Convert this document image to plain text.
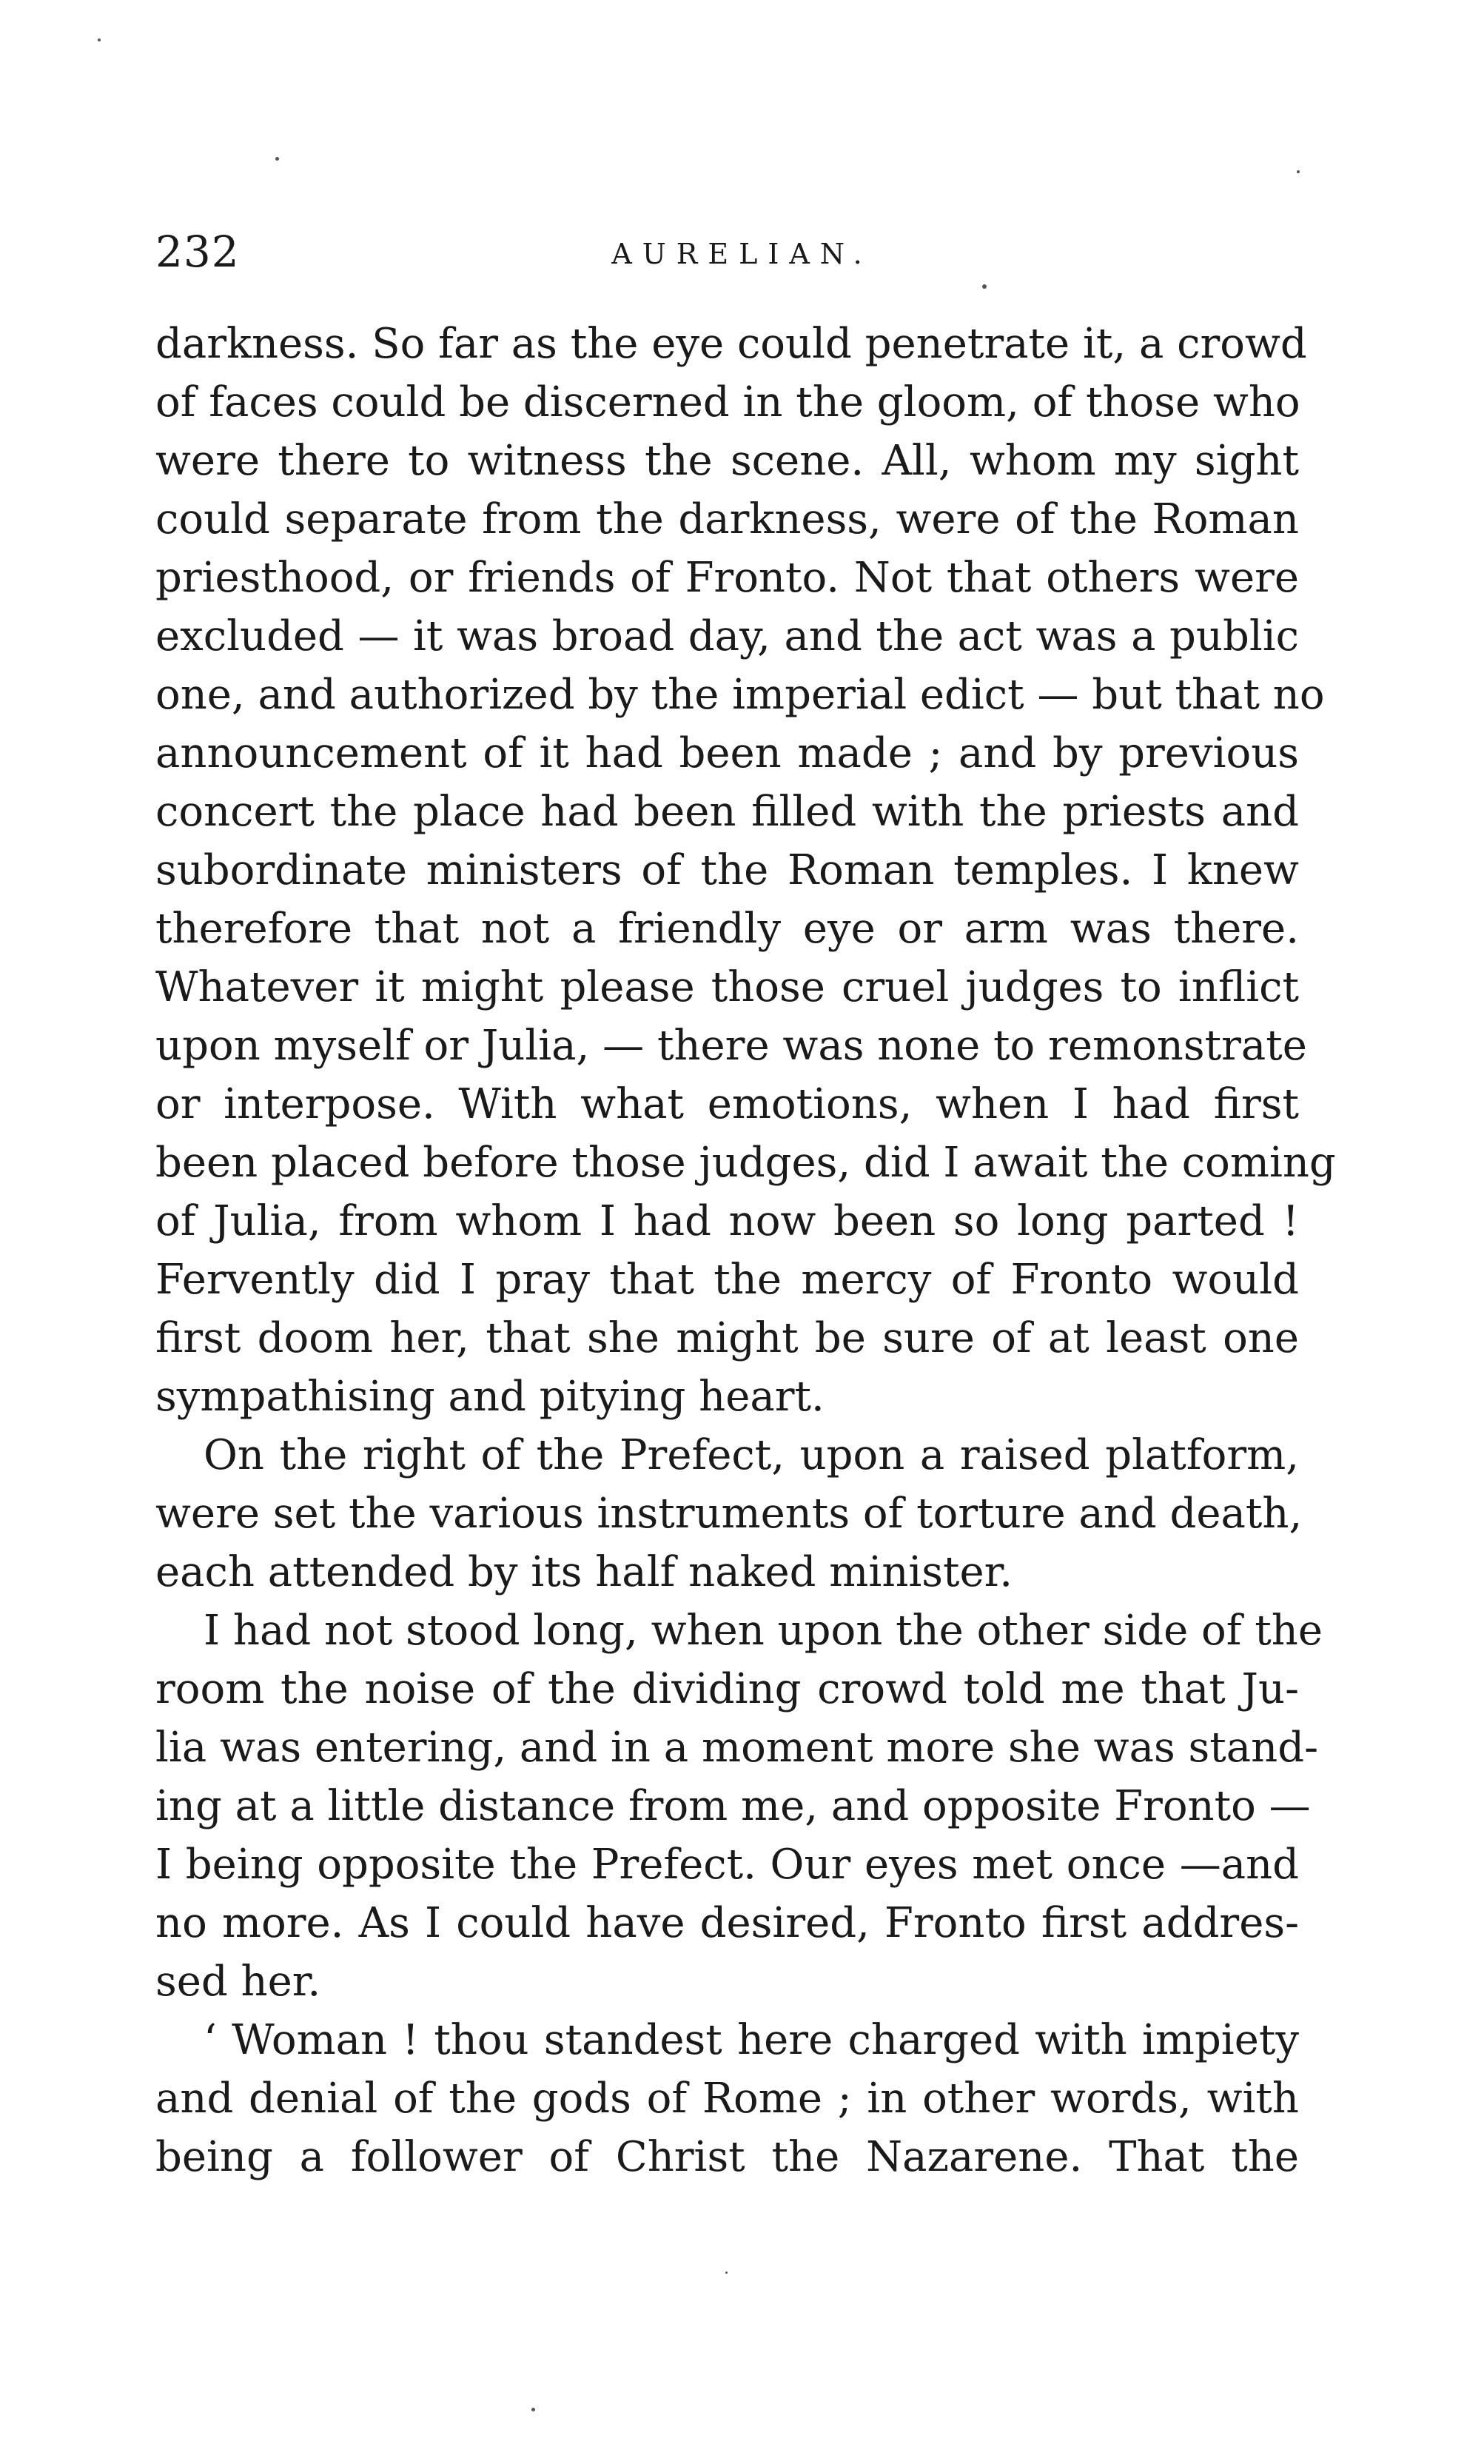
232	AURELIAN.
darkness. So far as the eye could penetrate it, a crowd
of faces could be discerned in the gloom, of those who
were there to witness the scene. All, whom my sight
could separate from the darkness, were of the Roman
priesthood, or friends of Fronto. Not that others were
excluded — it was broad day, and the act was a public
one, and authorized by the imperial edict — but that no
announcement of it had been made ; and by previous
concert the place had been filled with the priests and
subordinate ministers of the Roman temples. I knew
therefore that not a friendly eye or arm was there.
Whatever it might please those cruel judges to inflict
upon myself or Julia, — there was none to remonstrate
or interpose. With what emotions, when I had first
been placed before those judges, did I await the coming
of Julia, from whom I had now been so long parted !
Fervently did I pray that the mercy of Fronto would
first doom her, that she might be sure of at least one
sympathising and pitying heart.
On the right of the Prefect, upon a raised platform,
were set the various instruments of torture and death,
each attended by its half naked minister.
I had not stood long, when upon the other side of the
room the noise of the dividing crowd told me that Ju-
lia was entering, and in a moment more she was stand-
ing at a little distance from me, and opposite Fronto —
I being opposite the Prefect. Our eyes met once —and
no more. As I could have desired, Fronto first addres-
sed her.
‘ Woman ! thou standest here charged with impiety
and denial of the gods of Rome ; in other words, with
being a follower of Christ the Nazarene. That the
